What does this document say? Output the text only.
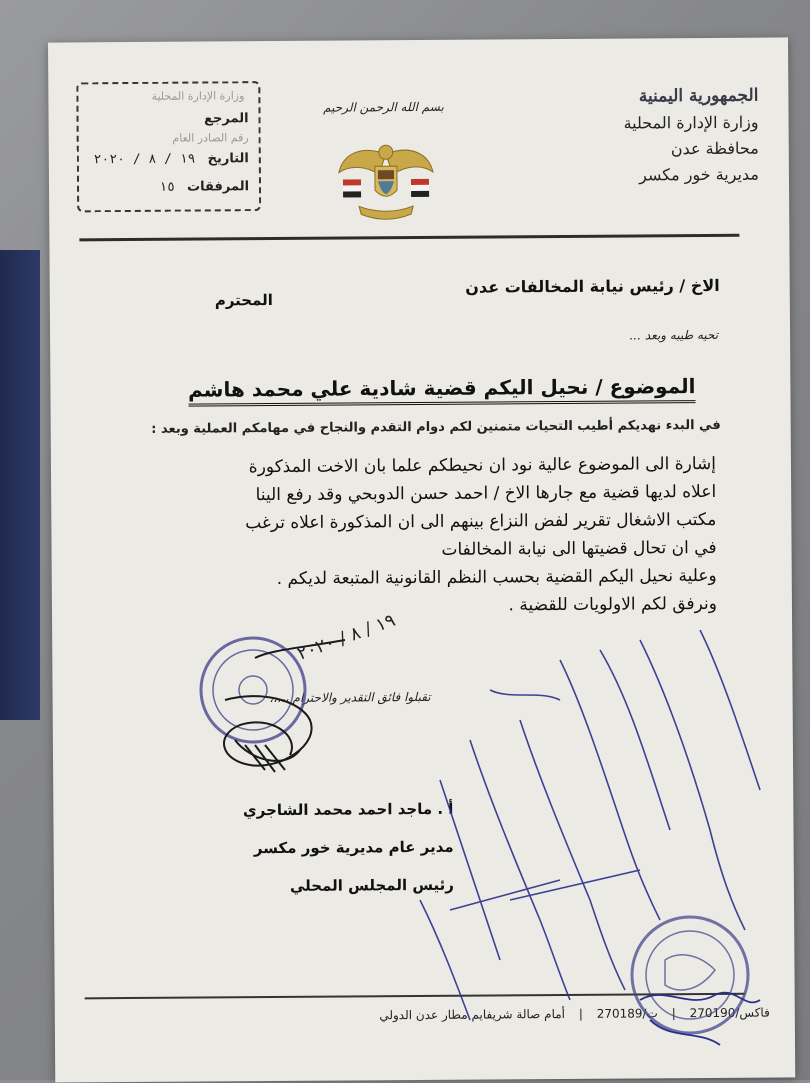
الجمهورية اليمنية
وزارة الإدارة المحلية
محافظة عدن
مديرية خور مكسر
بسم الله الرحمن الرحيم
وزارة الإدارة المحلية
المرجع
رقم الصادر العام
التاريخ ١٩ / ٨ / ٢٠٢٠
المرفقات ١٥
الاخ / رئيس نيابة المخالفات عدن
المحترم
تحيه طيبه وبعد ...
الموضوع / نحيل اليكم قضية شادية علي محمد هاشم
في البدء نهديكم أطيب التحيات متمنين لكم دوام التقدم والنجاح في مهامكم العملية وبعد :

إشارة الى الموضوع عالية نود ان نحيطكم علما بان الاخت المذكورة

اعلاه لديها قضية مع جارها الاخ / احمد حسن الدوبحي وقد رفع الينا

مكتب الاشغال تقرير لفض النزاع بينهم الى ان المذكورة اعلاه ترغب

في ان تحال قضيتها الى نيابة المخالفات

وعلية نحيل اليكم القضية بحسب النظم القانونية المتبعة لديكم .

ونرفق لكم الاولويات للقضية .

تقبلوا فائق التقدير والاحترام ،،،،،
أ . ماجد احمد محمد الشاجري
مدير عام مديرية خور مكسر
رئيس المجلس المحلي
فاكس/270190 | ت/270189 | أمام صالة شريفايم مطار عدن الدولي
١٩ / ٨ / ٢٠٢٠
